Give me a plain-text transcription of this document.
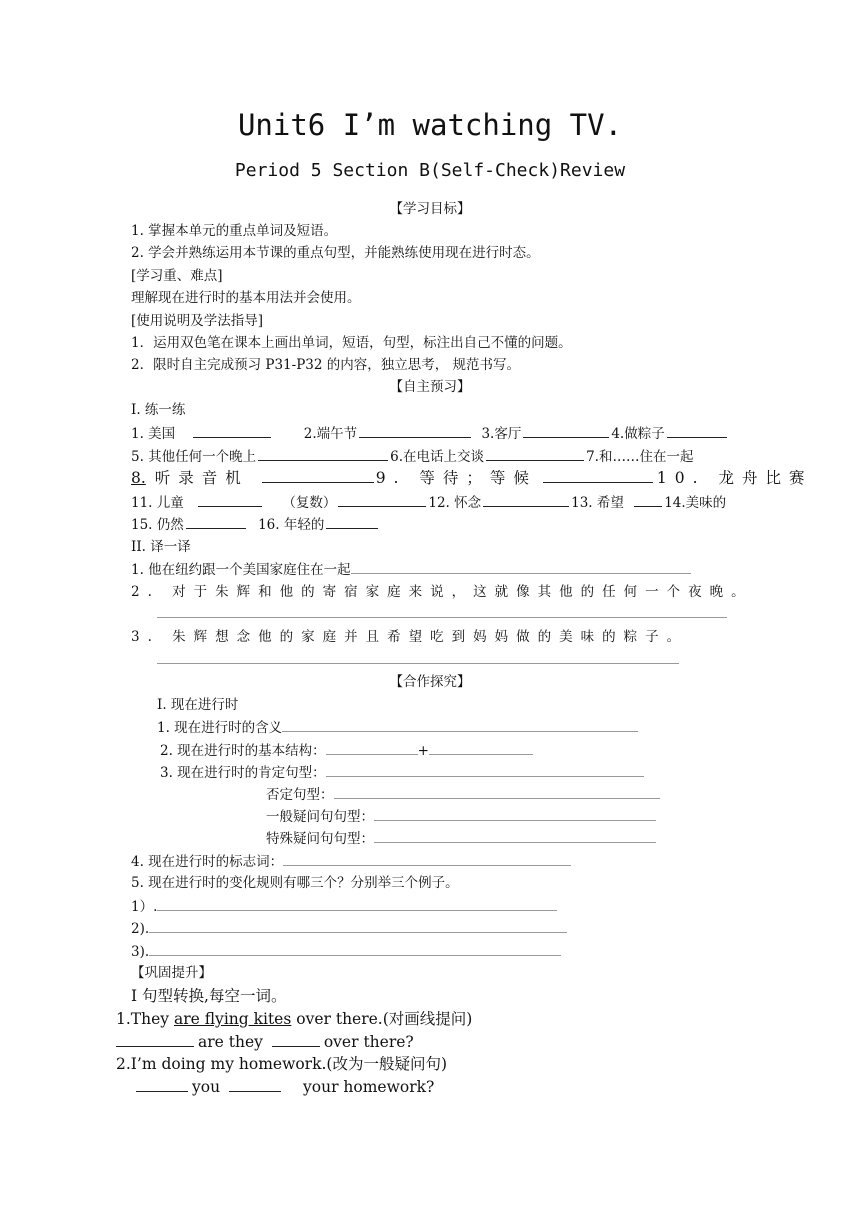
Unit6 I’m watching TV.
Period 5 Section B(Self-Check)Review
【学习目标】
1. 掌握本单元的重点单词及短语。
2. 学会并熟练运用本节课的重点句型，并能熟练使用现在进行时态。
[学习重、难点]
理解现在进行时的基本用法并会使用。
[使用说明及学法指导]
1．运用双色笔在课本上画出单词，短语，句型，标注出自己不懂的问题。
2．限时自主完成预习 P31-P32 的内容，独立思考， 规范书写。
【自主预习】
I. 练一练
1. 美国	2.端午节	3.客厅	4.做粽子
5. 其他任何一个晚上	6.在电话上交谈	7.和……住在一起
8. 听录音机	9. 等待；等候	10. 龙舟比赛
11. 儿童	（复数）	12. 怀念	13. 希望	14.美味的
15. 仍然	16. 年轻的
II. 译一译
1. 他在纽约跟一个美国家庭住在一起
2. 对于朱辉和他的寄宿家庭来说，这就像其他的任何一个夜晚。
3. 朱辉想念他的家庭并且希望吃到妈妈做的美味的粽子。
【合作探究】
I. 现在进行时
1. 现在进行时的含义
2. 现在进行时的基本结构：	+
3. 现在进行时的肯定句型：
否定句型：
一般疑问句句型：
特殊疑问句句型：
4. 现在进行时的标志词：
5. 现在进行时的变化规则有哪三个？分别举三个例子。
1）.
2).
3).
【巩固提升】
I 句型转换,每空一词。
1.They are flying kites over there.(对画线提问)
are they	over there?
2.I’m doing my homework.(改为一般疑问句)
you	your homework?
